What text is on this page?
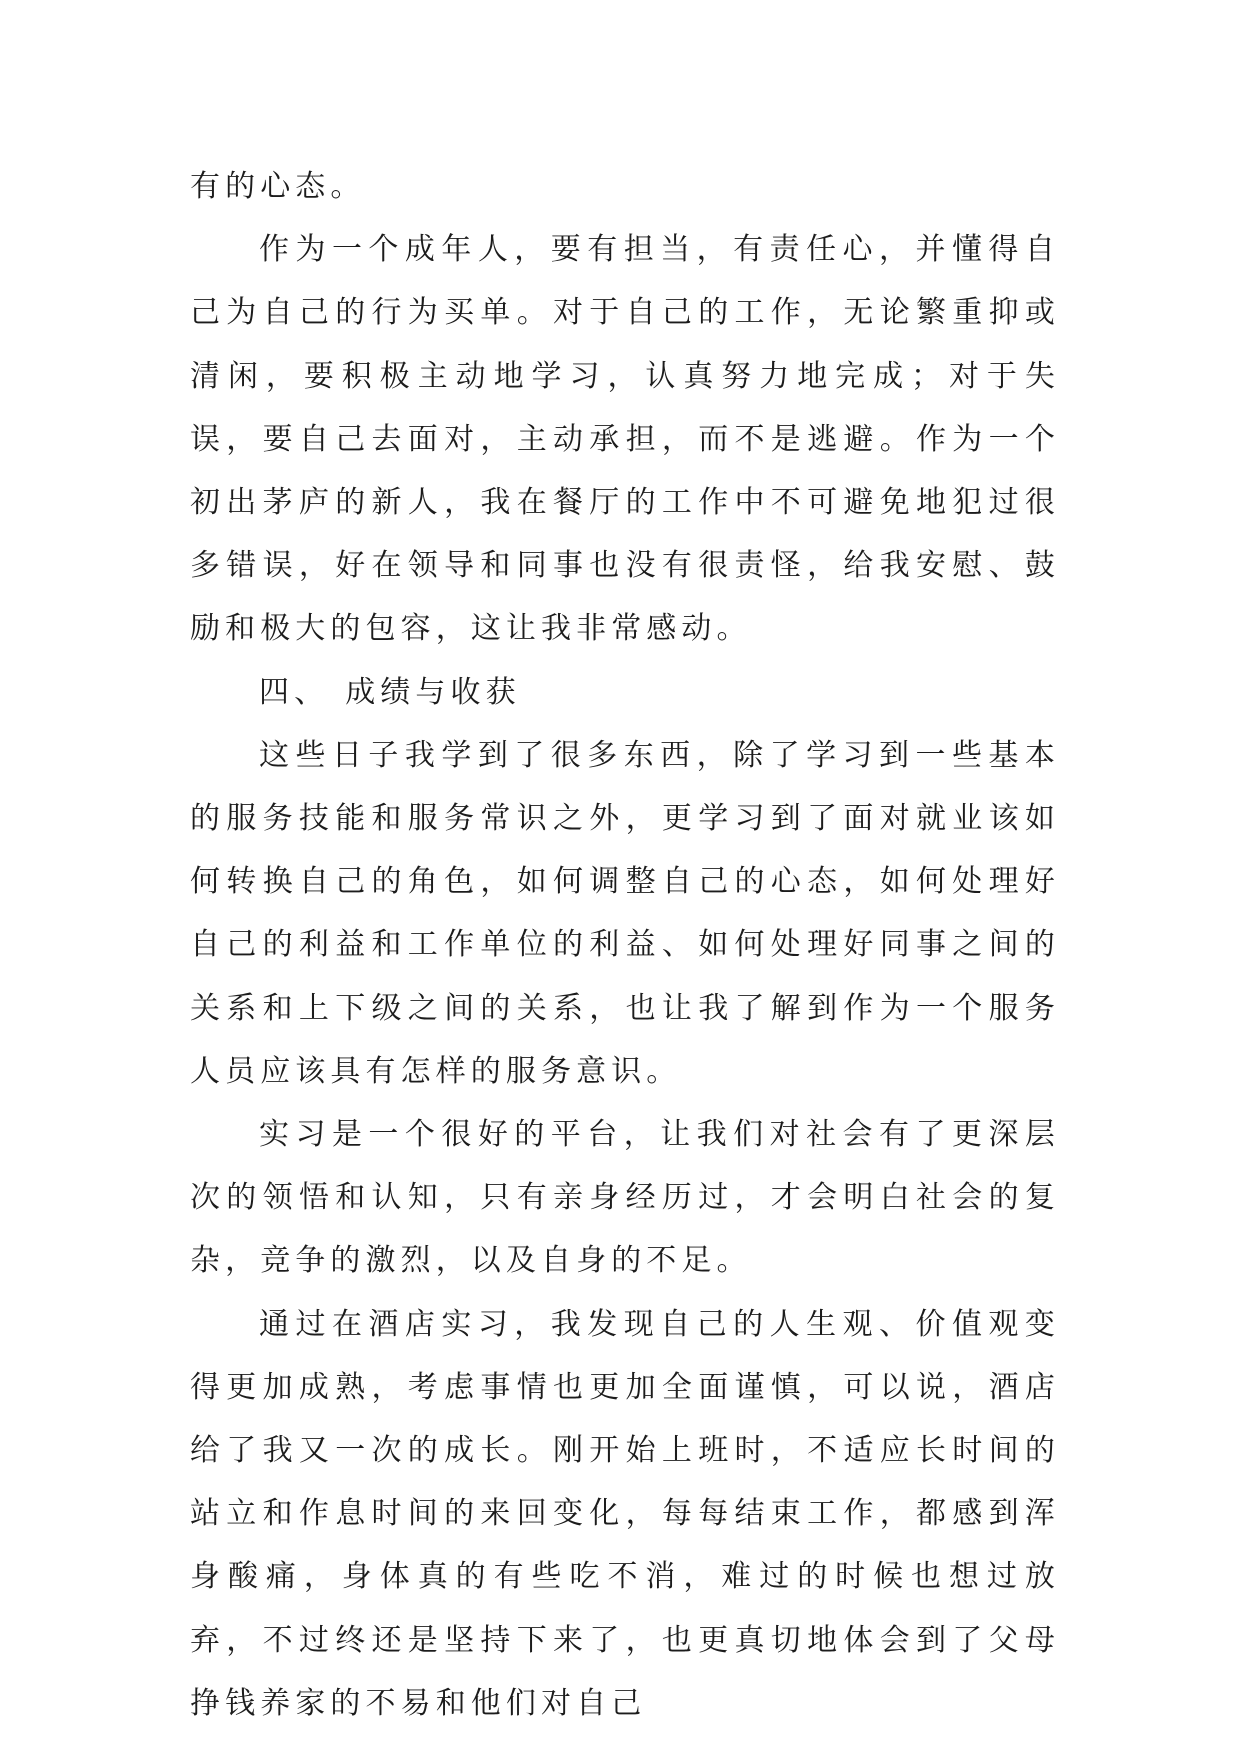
有的心态。

作为一个成年人，要有担当，有责任心，并懂得自己为自己的行为买单。对于自己的工作，无论繁重抑或清闲，要积极主动地学习，认真努力地完成；对于失误，要自己去面对，主动承担，而不是逃避。作为一个初出茅庐的新人，我在餐厅的工作中不可避免地犯过很多错误，好在领导和同事也没有很责怪，给我安慰、鼓励和极大的包容，这让我非常感动。

四、 成绩与收获

这些日子我学到了很多东西，除了学习到一些基本的服务技能和服务常识之外，更学习到了面对就业该如何转换自己的角色，如何调整自己的心态，如何处理好自己的利益和工作单位的利益、如何处理好同事之间的关系和上下级之间的关系，也让我了解到作为一个服务人员应该具有怎样的服务意识。

实习是一个很好的平台，让我们对社会有了更深层次的领悟和认知，只有亲身经历过，才会明白社会的复杂，竞争的激烈，以及自身的不足。

通过在酒店实习，我发现自己的人生观、价值观变得更加成熟，考虑事情也更加全面谨慎，可以说，酒店给了我又一次的成长。刚开始上班时，不适应长时间的站立和作息时间的来回变化，每每结束工作，都感到浑身酸痛，身体真的有些吃不消，难过的时候也想过放弃，不过终还是坚持下来了，也更真切地体会到了父母挣钱养家的不易和他们对自己
